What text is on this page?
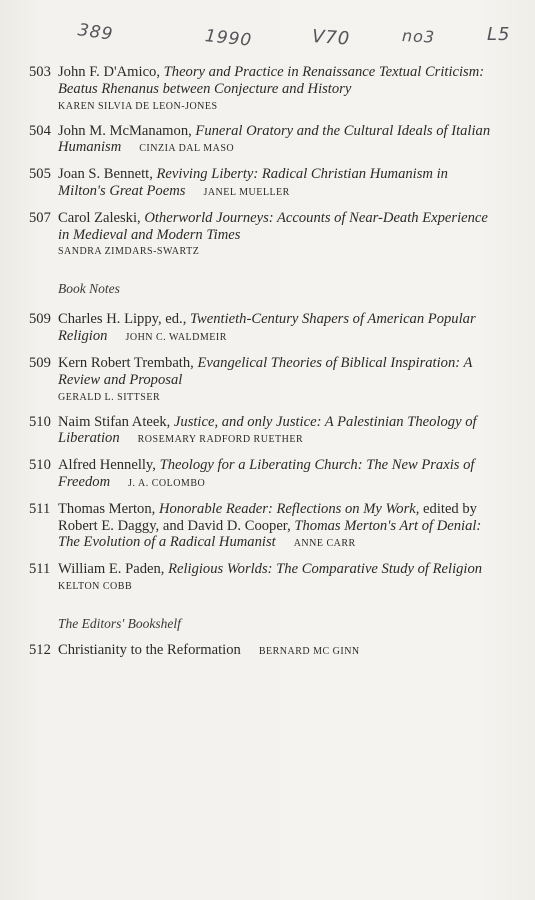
389	1990	V70	no3	L5
503 John F. D'Amico, Theory and Practice in Renaissance Textual Criticism: Beatus Rhenanus between Conjecture and History
KAREN SILVIA DE LEON-JONES
504 John M. McManamon, Funeral Oratory and the Cultural Ideals of Italian Humanism CINZIA DAL MASO
505 Joan S. Bennett, Reviving Liberty: Radical Christian Humanism in Milton's Great Poems JANEL MUELLER
507 Carol Zaleski, Otherworld Journeys: Accounts of Near-Death Experience in Medieval and Modern Times
SANDRA ZIMDARS-SWARTZ
Book Notes
509 Charles H. Lippy, ed., Twentieth-Century Shapers of American Popular Religion JOHN C. WALDMEIR
509 Kern Robert Trembath, Evangelical Theories of Biblical Inspiration: A Review and Proposal
GERALD L. SITTSER
510 Naim Stifan Ateek, Justice, and only Justice: A Palestinian Theology of Liberation ROSEMARY RADFORD RUETHER
510 Alfred Hennelly, Theology for a Liberating Church: The New Praxis of Freedom J. A. COLOMBO
511 Thomas Merton, Honorable Reader: Reflections on My Work, edited by Robert E. Daggy, and David D. Cooper, Thomas Merton's Art of Denial: The Evolution of a Radical Humanist ANNE CARR
511 William E. Paden, Religious Worlds: The Comparative Study of Religion
KELTON COBB
The Editors' Bookshelf
512 Christianity to the Reformation BERNARD MC GINN
